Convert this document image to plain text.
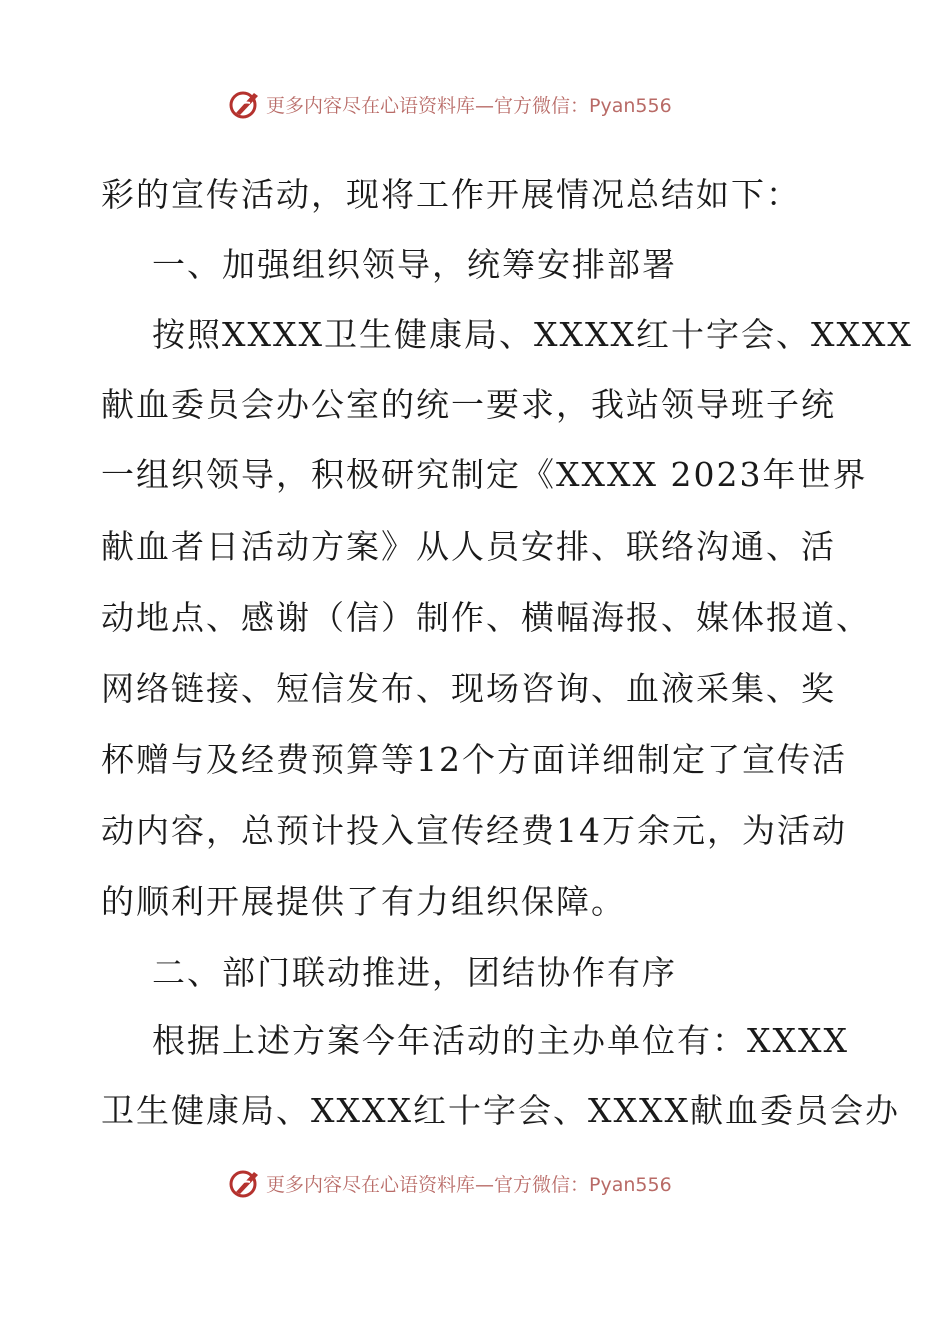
更多内容尽在心语资料库—官方微信：Pyan556
彩的宣传活动，现将工作开展情况总结如下：
一、加强组织领导，统筹安排部署
按照XXXX卫生健康局、XXXX红十字会、XXXX
献血委员会办公室的统一要求，我站领导班子统
一组织领导，积极研究制定《XXXX 2023年世界
献血者日活动方案》从人员安排、联络沟通、活
动地点、感谢（信）制作、横幅海报、媒体报道、
网络链接、短信发布、现场咨询、血液采集、奖
杯赠与及经费预算等12个方面详细制定了宣传活
动内容，总预计投入宣传经费14万余元，为活动
的顺利开展提供了有力组织保障。
二、部门联动推进，团结协作有序
根据上述方案今年活动的主办单位有：XXXX
卫生健康局、XXXX红十字会、XXXX献血委员会办
更多内容尽在心语资料库—官方微信：Pyan556
